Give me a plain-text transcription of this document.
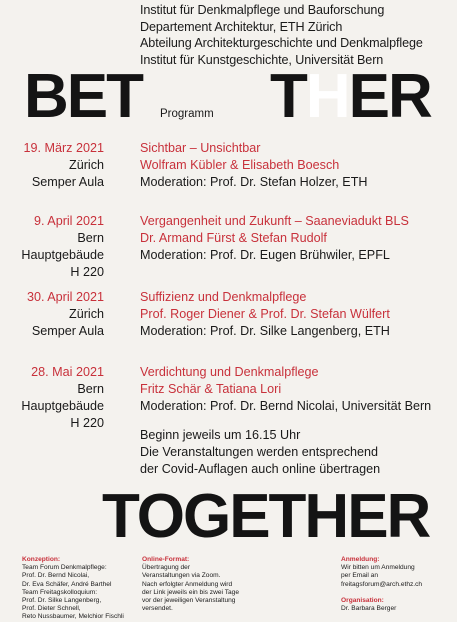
Institut für Denkmalpflege und Bauforschung
Departement Architektur, ETH Zürich
Abteilung Architekturgeschichte und Denkmalpflege
Institut für Kunstgeschichte, Universität Bern
BET Programm THER
19. März 2021
Zürich
Semper Aula
Sichtbar – Unsichtbar
Wolfram Kübler & Elisabeth Boesch
Moderation: Prof. Dr. Stefan Holzer, ETH
9. April 2021
Bern
Hauptgebäude
H 220
Vergangenheit und Zukunft – Saaneviadukt BLS
Dr. Armand Fürst & Stefan Rudolf
Moderation: Prof. Dr. Eugen Brühwiler, EPFL
30. April 2021
Zürich
Semper Aula
Suffizienz und Denkmalpflege
Prof. Roger Diener & Prof. Dr. Stefan Wülfert
Moderation: Prof. Dr. Silke Langenberg, ETH
28. Mai 2021
Bern
Hauptgebäude
H 220
Verdichtung und Denkmalpflege
Fritz Schär & Tatiana Lori
Moderation: Prof. Dr. Bernd Nicolai, Universität Bern
Beginn jeweils um 16.15 Uhr
Die Veranstaltungen werden entsprechend
der Covid-Auflagen auch online übertragen
TOGETHER
Konzeption:
Team Forum Denkmalpflege:
Prof. Dr. Bernd Nicolai,
Dr. Eva Schäfer, André Barthel
Team Freitagskolloquium:
Prof. Dr. Silke Langenberg,
Prof. Dieter Schnell,
Reto Nussbaumer, Melchior Fischli
Online-Format:
Übertragung der
Veranstaltungen via Zoom.
Nach erfolgter Anmeldung wird
der Link jeweils ein bis zwei Tage
vor der jeweiligen Veranstaltung
versendet.
Anmeldung:
Wir bitten um Anmeldung
per Email an
freitagsforum@arch.ethz.ch
Organisation:
Dr. Barbara Berger
